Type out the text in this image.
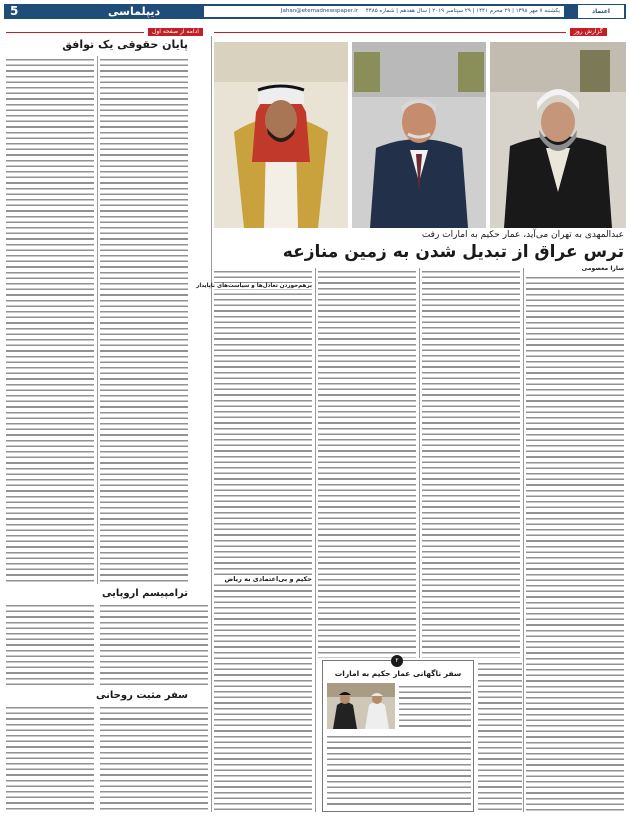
5	دیپلماسی	یکشنبه ۷ مهر ۱۳۹۸ | ۲۹ محرم ۱۴۴۱ | ۲۹ سپتامبر ۲۰۱۹ | سال هفدهم | شماره ۴۴۸۵ Jahan@etemadnewspaper.ir	اعتماد
گزارش روز
ادامه از صفحه اول
پایان حقوقی یک توافق
ترامپیسم اروپایی
سفر مثبت روحانی
عبدالمهدی به تهران می‌آید، عمار حکیم به امارات رفت
ترس عراق از تبدیل شدن به زمین منازعه
سارا معصومی
برهم‌خوردن تعادل‌ها و سیاست‌های ناپایدار
حکیم و بی‌اعتمادی به ریاض
۲
سفر ناگهانی عمار حکیم به امارات
